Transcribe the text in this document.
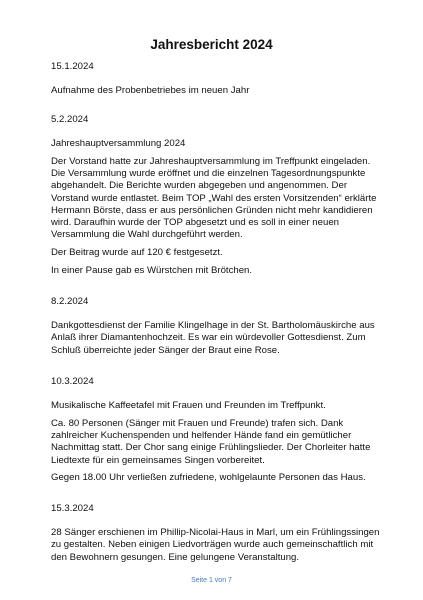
Jahresbericht 2024

15.1.2024

Aufnahme des Probenbetriebes im neuen Jahr

5.2.2024

Jahreshauptversammlung 2024

Der Vorstand hatte zur Jahreshauptversammlung im Treffpunkt eingeladen. Die Versammlung wurde eröffnet und die einzelnen Tagesordnungspunkte abgehandelt. Die Berichte wurden abgegeben und angenommen. Der Vorstand wurde entlastet. Beim TOP „Wahl des ersten Vorsitzenden“ erklärte Hermann Börste, dass er aus persönlichen Gründen nicht mehr kandidieren wird. Daraufhin wurde der TOP abgesetzt und es soll in einer neuen Versammlung die Wahl durchgeführt werden.

Der Beitrag wurde auf 120 € festgesetzt.

In einer Pause gab es Würstchen mit Brötchen.

8.2.2024

Dankgottesdienst der Familie Klingelhage in der St. Bartholomäuskirche aus Anlaß ihrer Diamantenhochzeit. Es war ein würdevoller Gottesdienst. Zum Schluß überreichte jeder Sänger der Braut eine Rose.

10.3.2024

Musikalische Kaffeetafel mit Frauen und Freunden im Treffpunkt.

Ca. 80 Personen (Sänger mit Frauen und Freunde) trafen sich. Dank zahlreicher Kuchenspenden und helfender Hände fand ein gemütlicher Nachmittag statt. Der Chor sang einige Frühlingslieder. Der Chorleiter hatte Liedtexte für ein gemeinsames Singen vorbereitet.

Gegen 18.00 Uhr verließen zufriedene, wohlgelaunte Personen das Haus.

15.3.2024

28 Sänger erschienen im Phillip-Nicolai-Haus in Marl, um ein Frühlingssingen zu gestalten. Neben einigen Liedvorträgen wurde auch gemeinschaftlich mit den Bewohnern gesungen. Eine gelungene Veranstaltung.

Seite 1 von 7
